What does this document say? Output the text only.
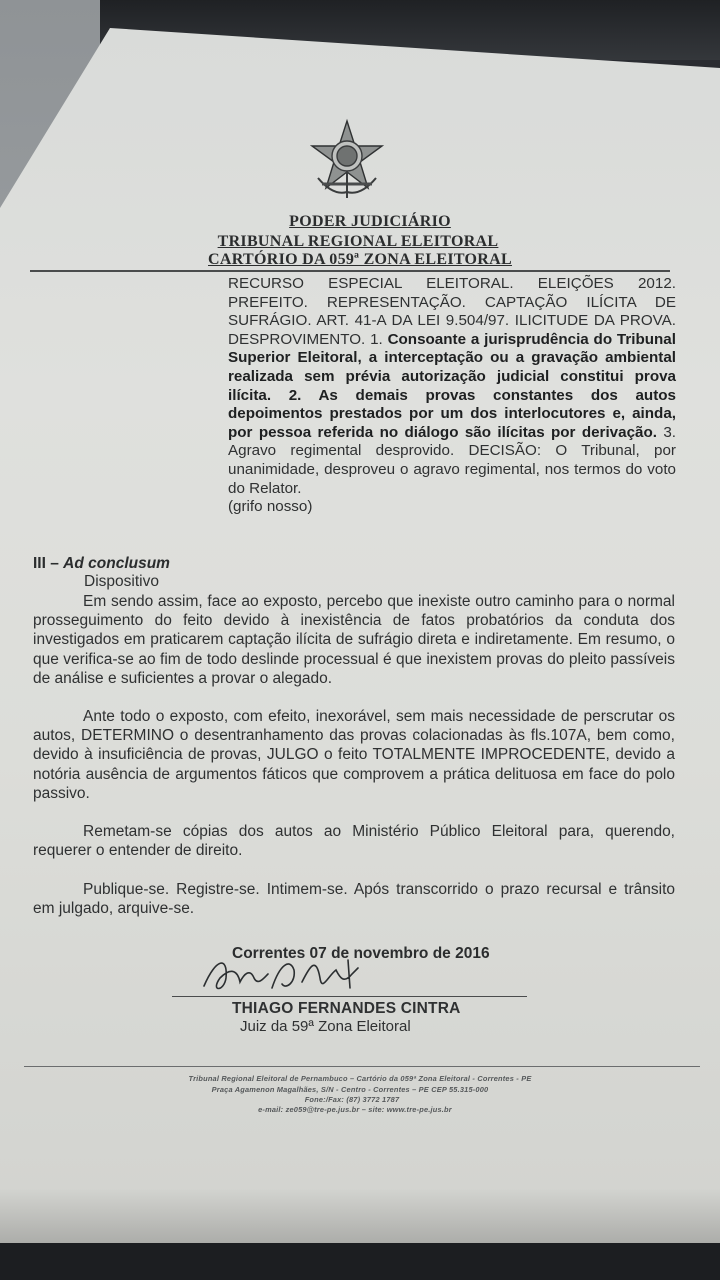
PODER JUDICIÁRIO
TRIBUNAL REGIONAL ELEITORAL
CARTÓRIO DA 059ª ZONA ELEITORAL
RECURSO ESPECIAL ELEITORAL. ELEIÇÕES 2012. PREFEITO. REPRESENTAÇÃO. CAPTAÇÃO ILÍCITA DE SUFRÁGIO. ART. 41-A DA LEI 9.504/97. ILICITUDE DA PROVA. DESPROVIMENTO. 1. Consoante a jurisprudência do Tribunal Superior Eleitoral, a interceptação ou a gravação ambiental realizada sem prévia autorização judicial constitui prova ilícita. 2. As demais provas constantes dos autos depoimentos prestados por um dos interlocutores e, ainda, por pessoa referida no diálogo são ilícitas por derivação. 3. Agravo regimental desprovido. DECISÃO: O Tribunal, por unanimidade, desproveu o agravo regimental, nos termos do voto do Relator.
(grifo nosso)
III – Ad conclusum
Dispositivo
Em sendo assim, face ao exposto, percebo que inexiste outro caminho para o normal prosseguimento do feito devido à inexistência de fatos probatórios da conduta dos investigados em praticarem captação ilícita de sufrágio direta e indiretamente. Em resumo, o que verifica-se ao fim de todo deslinde processual é que inexistem provas do pleito passíveis de análise e suficientes a provar o alegado.
Ante todo o exposto, com efeito, inexorável, sem mais necessidade de perscrutar os autos, DETERMINO o desentranhamento das provas colacionadas às fls.107A, bem como, devido à insuficiência de provas, JULGO o feito TOTALMENTE IMPROCEDENTE, devido a notória ausência de argumentos fáticos que comprovem a prática delituosa em face do polo passivo.
Remetam-se cópias dos autos ao Ministério Público Eleitoral para, querendo, requerer o entender de direito.
Publique-se. Registre-se. Intimem-se. Após transcorrido o prazo recursal e trânsito em julgado, arquive-se.
Correntes 07 de novembro de 2016
THIAGO FERNANDES CINTRA
Juiz da 59ª Zona Eleitoral
Tribunal Regional Eleitoral de Pernambuco – Cartório da 059ª Zona Eleitoral - Correntes - PE
Praça Agamenon Magalhães, S/N - Centro - Correntes – PE CEP 55.315-000
Fone:/Fax: (87) 3772 1787
e-mail: ze059@tre-pe.jus.br – site: www.tre-pe.jus.br
